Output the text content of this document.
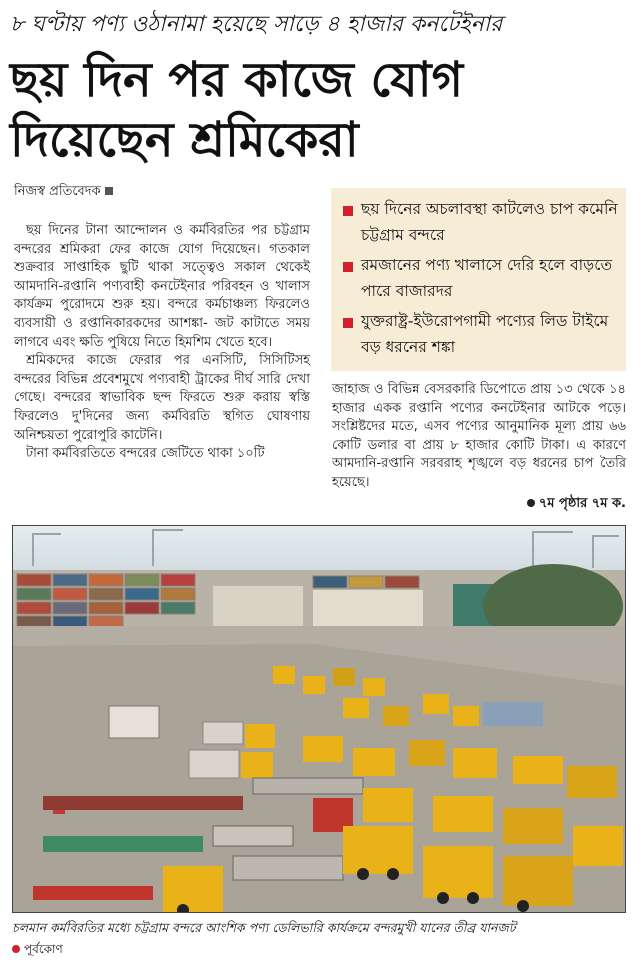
৮ ঘণ্টায় পণ্য ওঠানামা হয়েছে সাড়ে ৪ হাজার কনটেইনার
ছয় দিন পর কাজে যোগ
দিয়েছেন শ্রমিকেরা
নিজস্ব প্রতিবেদক
ছয় দিনের অচলাবস্থা কাটলেও চাপ কমেনি চট্টগ্রাম বন্দরে
রমজানের পণ্য খালাসে দেরি হলে বাড়তে পারে বাজারদর
যুক্তরাষ্ট্র-ইউরোপগামী পণ্যের লিড টাইমে বড় ধরনের শঙ্কা

ছয় দিনের টানা আন্দোলন ও কর্মবিরতির পর চট্টগ্রাম বন্দরের শ্রমিকরা ফের কাজে যোগ দিয়েছেন। গতকাল শুক্রবার সাপ্তাহিক ছুটি থাকা সত্ত্বেও সকাল থেকেই আমদানি-রপ্তানি পণ্যবাহী কনটেইনার পরিবহন ও খালাস কার্যক্রম পুরোদমে শুরু হয়। বন্দরে কর্মচাঞ্চল্য ফিরলেও ব্যবসায়ী ও রপ্তানিকারকদের আশঙ্কা- জট কাটাতে সময় লাগবে এবং ক্ষতি পুষিয়ে নিতে হিমশিম খেতে হবে।

শ্রমিকদের কাজে ফেরার পর এনসিটি, সিসিটিসহ বন্দরের বিভিন্ন প্রবেশমুখে পণ্যবাহী ট্রাকের দীর্ঘ সারি দেখা গেছে। বন্দরের স্বাভাবিক ছন্দ ফিরতে শুরু করায় স্বস্তি ফিরলেও দু'দিনের জন্য কর্মবিরতি স্থগিত ঘোষণায় অনিশ্চয়তা পুরোপুরি কাটেনি।

টানা কর্মবিরতিতে বন্দরের জেটিতে থাকা ১০টি

জাহাজ ও বিভিন্ন বেসরকারি ডিপোতে প্রায় ১৩ থেকে ১৪ হাজার একক রপ্তানি পণ্যের কনটেইনার আটকে পড়ে। সংশ্লিষ্টদের মতে, এসব পণ্যের আনুমানিক মূল্য প্রায় ৬৬ কোটি ডলার বা প্রায় ৮ হাজার কোটি টাকা। এ কারণে আমদানি-রপ্তানি সরবরাহ শৃঙ্খলে বড় ধরনের চাপ তৈরি হয়েছে।

৭ম পৃষ্ঠার ৭ম ক.
চলমান কর্মবিরতির মধ্যে চট্টগ্রাম বন্দরে আংশিক পণ্য ডেলিভারি কার্যক্রমে বন্দরমুখী যানের তীব্র যানজট
পূর্বকোণ
